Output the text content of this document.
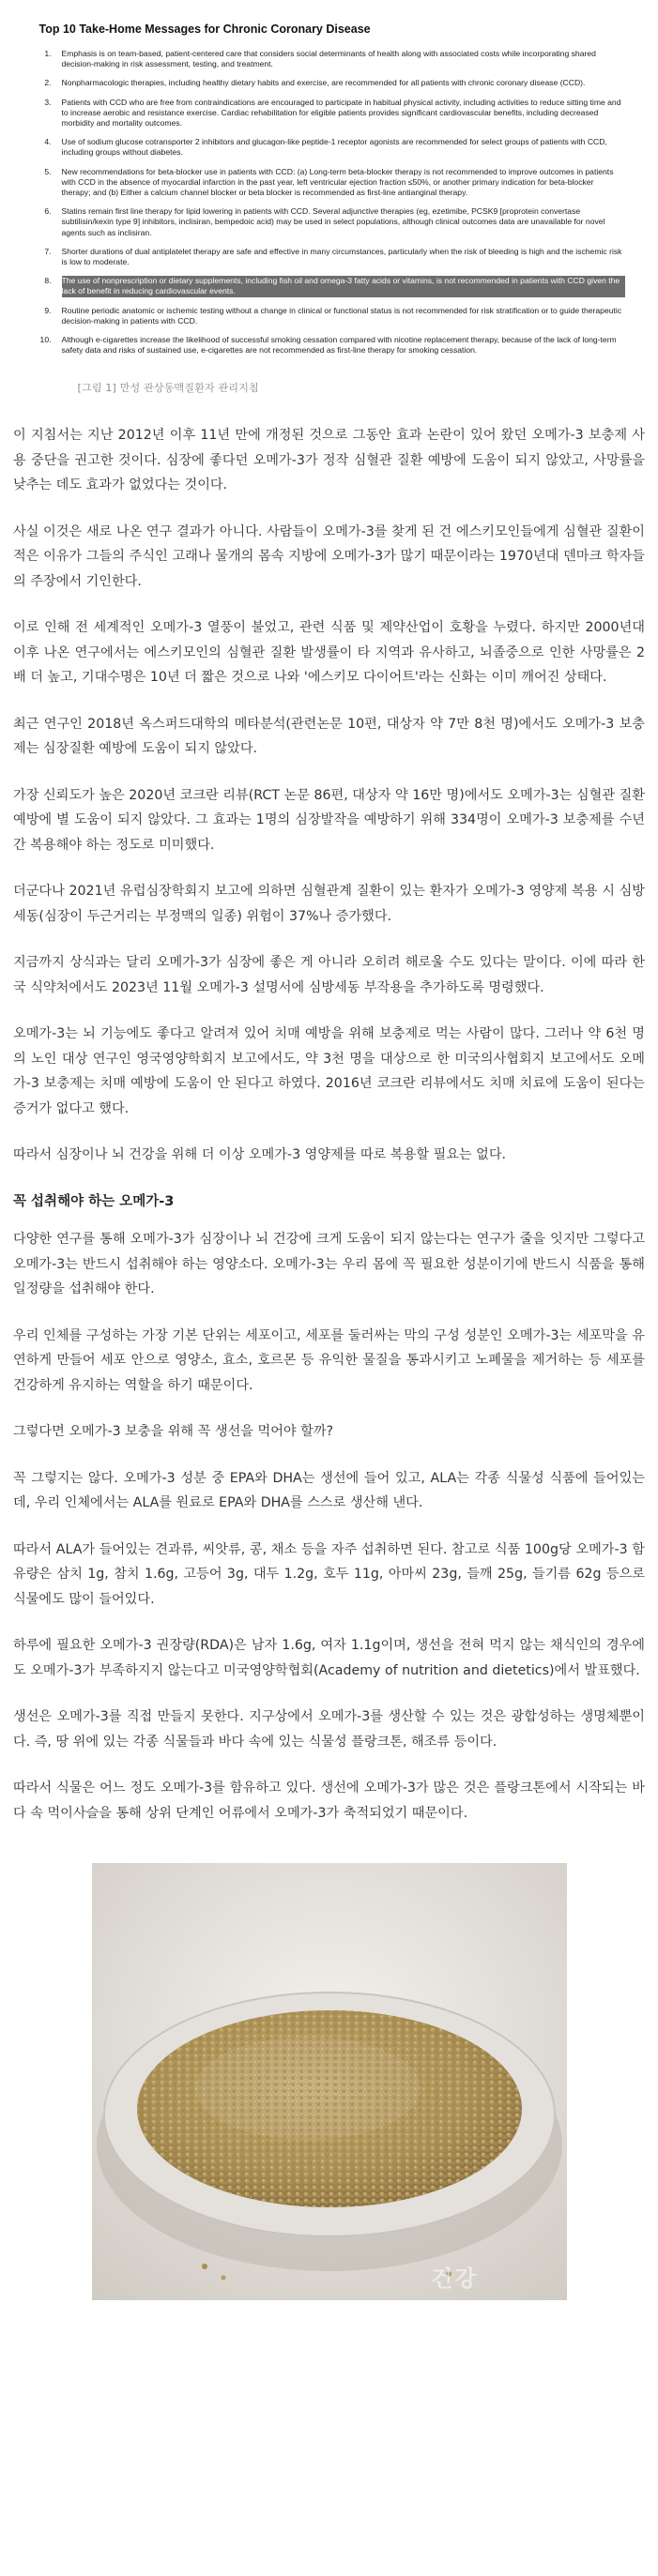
Top 10 Take-Home Messages for Chronic Coronary Disease
1.	Emphasis is on team-based, patient-centered care that considers social determinants of health along with associated costs while incorporating shared decision-making in risk assessment, testing, and treatment.
2.	Nonpharmacologic therapies, including healthy dietary habits and exercise, are recommended for all patients with chronic coronary disease (CCD).
3.	Patients with CCD who are free from contraindications are encouraged to participate in habitual physical activity, including activities to reduce sitting time and to increase aerobic and resistance exercise. Cardiac rehabilitation for eligible patients provides significant cardiovascular benefits, including decreased morbidity and mortality outcomes.
4.	Use of sodium glucose cotransporter 2 inhibitors and glucagon-like peptide-1 receptor agonists are recommended for select groups of patients with CCD, including groups without diabetes.
5.	New recommendations for beta-blocker use in patients with CCD: (a) Long-term beta-blocker therapy is not recommended to improve outcomes in patients with CCD in the absence of myocardial infarction in the past year, left ventricular ejection fraction ≤50%, or another primary indication for beta-blocker therapy; and (b) Either a calcium channel blocker or beta blocker is recommended as first-line antianginal therapy.
6.	Statins remain first line therapy for lipid lowering in patients with CCD. Several adjunctive therapies (eg, ezetimibe, PCSK9 [proprotein convertase subtilisin/kexin type 9] inhibitors, inclisiran, bempedoic acid) may be used in select populations, although clinical outcomes data are unavailable for novel agents such as inclisiran.
7.	Shorter durations of dual antiplatelet therapy are safe and effective in many circumstances, particularly when the risk of bleeding is high and the ischemic risk is low to moderate.
8.	The use of nonprescription or dietary supplements, including fish oil and omega-3 fatty acids or vitamins, is not recommended in patients with CCD given the lack of benefit in reducing cardiovascular events.
9.	Routine periodic anatomic or ischemic testing without a change in clinical or functional status is not recommended for risk stratification or to guide therapeutic decision-making in patients with CCD.
10.	Although e-cigarettes increase the likelihood of successful smoking cessation compared with nicotine replacement therapy, because of the lack of long-term safety data and risks of sustained use, e-cigarettes are not recommended as first-line therapy for smoking cessation.
[그림 1] 만성 관상동맥질환자 관리지침

이 지침서는 지난 2012년 이후 11년 만에 개정된 것으로 그동안 효과 논란이 있어 왔던 오메가-3 보충제 사용 중단을 권고한 것이다. 심장에 좋다던 오메가-3가 정작 심혈관 질환 예방에 도움이 되지 않았고, 사망률을 낮추는 데도 효과가 없었다는 것이다.

사실 이것은 새로 나온 연구 결과가 아니다. 사람들이 오메가-3를 찾게 된 건 에스키모인들에게 심혈관 질환이 적은 이유가 그들의 주식인 고래나 물개의 몸속 지방에 오메가-3가 많기 때문이라는 1970년대 덴마크 학자들의 주장에서 기인한다.

이로 인해 전 세계적인 오메가-3 열풍이 불었고, 관련 식품 및 제약산업이 호황을 누렸다. 하지만 2000년대 이후 나온 연구에서는 에스키모인의 심혈관 질환 발생률이 타 지역과 유사하고, 뇌졸중으로 인한 사망률은 2배 더 높고, 기대수명은 10년 더 짧은 것으로 나와 '에스키모 다이어트'라는 신화는 이미 깨어진 상태다.

최근 연구인 2018년 옥스퍼드대학의 메타분석(관련논문 10편, 대상자 약 7만 8천 명)에서도 오메가-3 보충제는 심장질환 예방에 도움이 되지 않았다.

가장 신뢰도가 높은 2020년 코크란 리뷰(RCT 논문 86편, 대상자 약 16만 명)에서도 오메가-3는 심혈관 질환 예방에 별 도움이 되지 않았다. 그 효과는 1명의 심장발작을 예방하기 위해 334명이 오메가-3 보충제를 수년간 복용해야 하는 정도로 미미했다.

더군다나 2021년 유럽심장학회지 보고에 의하면 심혈관계 질환이 있는 환자가 오메가-3 영양제 복용 시 심방세동(심장이 두근거리는 부정맥의 일종) 위험이 37%나 증가했다.

지금까지 상식과는 달리 오메가-3가 심장에 좋은 게 아니라 오히려 해로울 수도 있다는 말이다. 이에 따라 한국 식약처에서도 2023년 11월 오메가-3 설명서에 심방세동 부작용을 추가하도록 명령했다.

오메가-3는 뇌 기능에도 좋다고 알려져 있어 치매 예방을 위해 보충제로 먹는 사람이 많다. 그러나 약 6천 명의 노인 대상 연구인 영국영양학회지 보고에서도, 약 3천 명을 대상으로 한 미국의사협회지 보고에서도 오메가-3 보충제는 치매 예방에 도움이 안 된다고 하였다. 2016년 코크란 리뷰에서도 치매 치료에 도움이 된다는 증거가 없다고 했다.

따라서 심장이나 뇌 건강을 위해 더 이상 오메가-3 영양제를 따로 복용할 필요는 없다.

꼭 섭취해야 하는 오메가-3

다양한 연구를 통해 오메가-3가 심장이나 뇌 건강에 크게 도움이 되지 않는다는 연구가 줄을 잇지만 그렇다고 오메가-3는 반드시 섭취해야 하는 영양소다. 오메가-3는 우리 몸에 꼭 필요한 성분이기에 반드시 식품을 통해 일정량을 섭취해야 한다.

우리 인체를 구성하는 가장 기본 단위는 세포이고, 세포를 둘러싸는 막의 구성 성분인 오메가-3는 세포막을 유연하게 만들어 세포 안으로 영양소, 효소, 호르몬 등 유익한 물질을 통과시키고 노폐물을 제거하는 등 세포를 건강하게 유지하는 역할을 하기 때문이다.

그렇다면 오메가-3 보충을 위해 꼭 생선을 먹어야 할까?

꼭 그렇지는 않다. 오메가-3 성분 중 EPA와 DHA는 생선에 들어 있고, ALA는 각종 식물성 식품에 들어있는데, 우리 인체에서는 ALA를 원료로 EPA와 DHA를 스스로 생산해 낸다.

따라서 ALA가 들어있는 견과류, 씨앗류, 콩, 채소 등을 자주 섭취하면 된다. 참고로 식품 100g당 오메가-3 함유량은 삼치 1g, 참치 1.6g, 고등어 3g, 대두 1.2g, 호두 11g, 아마씨 23g, 들깨 25g, 들기름 62g 등으로 식물에도 많이 들어있다.

하루에 필요한 오메가-3 권장량(RDA)은 남자 1.6g, 여자 1.1g이며, 생선을 전혀 먹지 않는 채식인의 경우에도 오메가-3가 부족하지지 않는다고 미국영양학협회(Academy of nutrition and dietetics)에서 발표했다.

생선은 오메가-3를 직접 만들지 못한다. 지구상에서 오메가-3를 생산할 수 있는 것은 광합성하는 생명체뿐이다. 즉, 땅 위에 있는 각종 식물들과 바다 속에 있는 식물성 플랑크톤, 해조류 등이다.

따라서 식물은 어느 정도 오메가-3를 함유하고 있다. 생선에 오메가-3가 많은 것은 플랑크톤에서 시작되는 바다 속 먹이사슬을 통해 상위 단계인 어류에서 오메가-3가 축적되었기 때문이다.

건강
